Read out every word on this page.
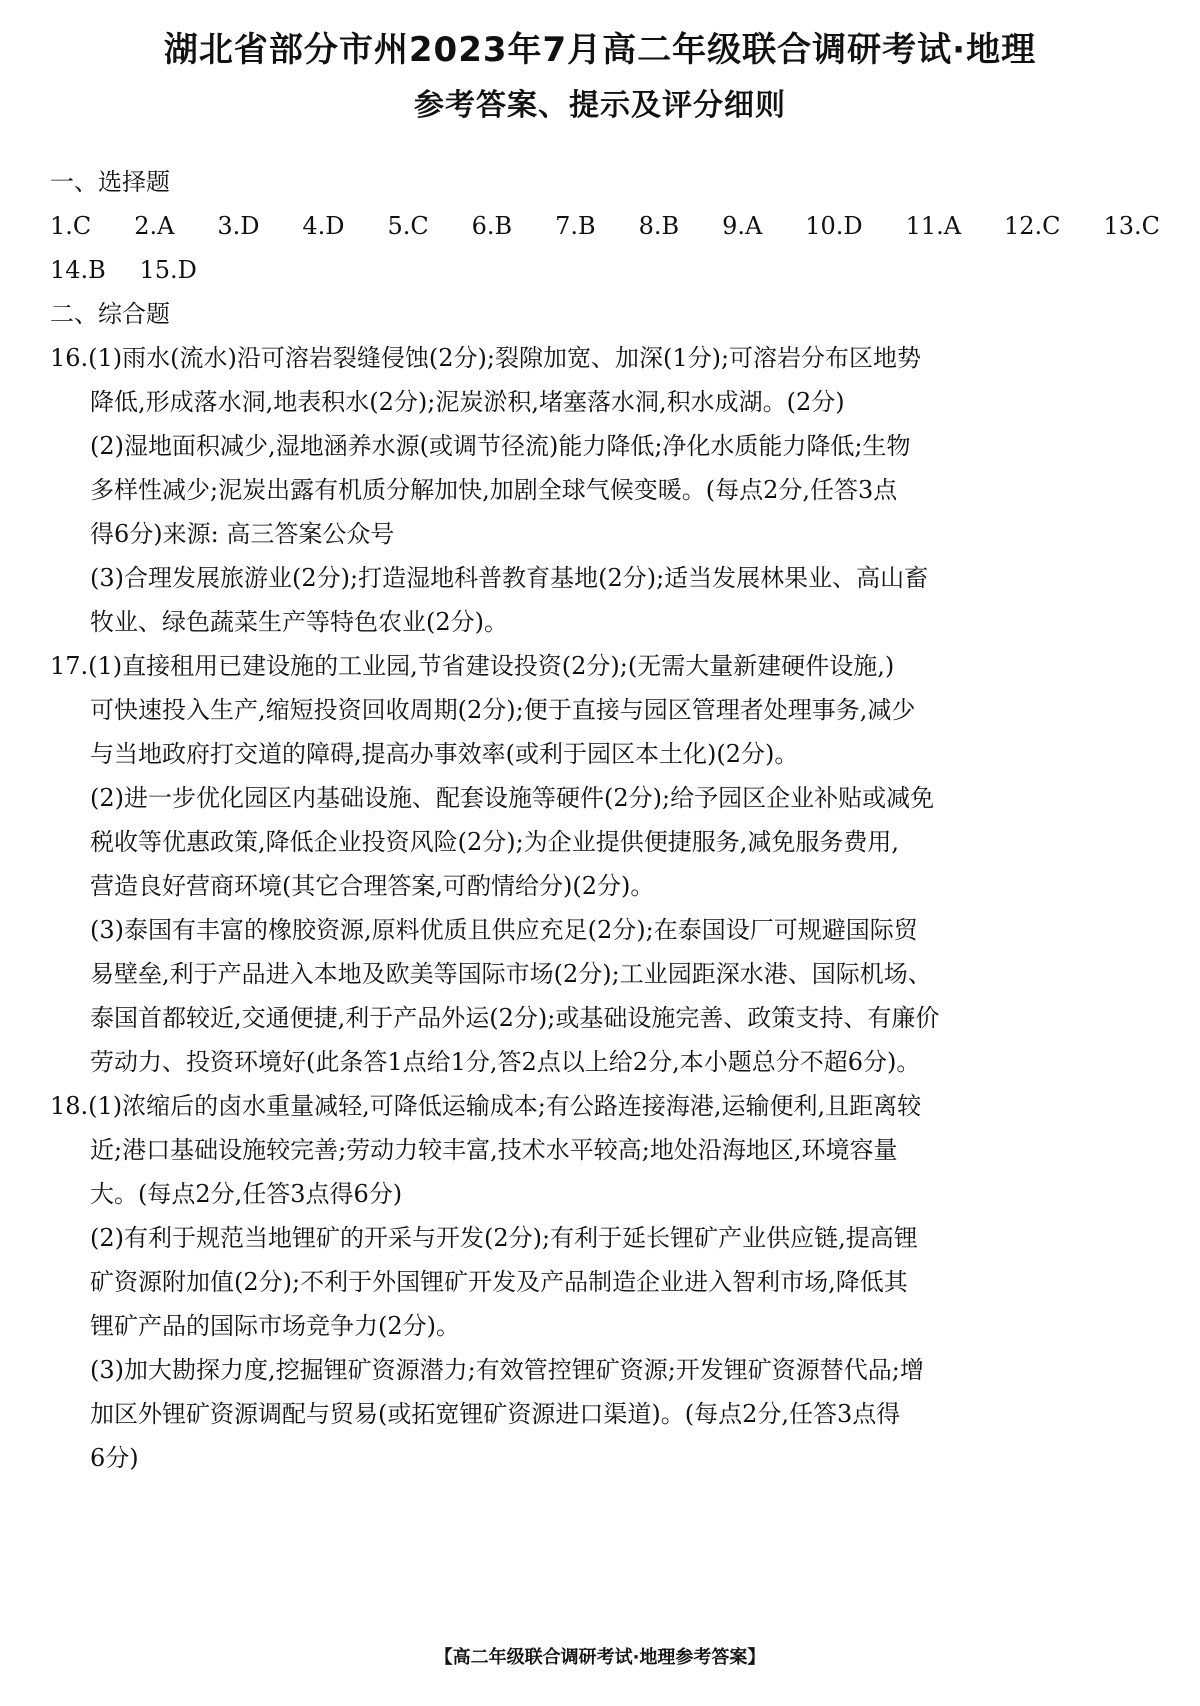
湖北省部分市州2023年7月高二年级联合调研考试·地理
参考答案、提示及评分细则
一、选择题
1.C 2.A 3.D 4.D 5.C 6.B 7.B 8.B 9.A 10.D 11.A 12.C 13.C
14.B 15.D
二、综合题
16.(1)雨水(流水)沿可溶岩裂缝侵蚀(2分);裂隙加宽、加深(1分);可溶岩分布区地势
降低,形成落水洞,地表积水(2分);泥炭淤积,堵塞落水洞,积水成湖。(2分)
(2)湿地面积减少,湿地涵养水源(或调节径流)能力降低;净化水质能力降低;生物
多样性减少;泥炭出露有机质分解加快,加剧全球气候变暖。(每点2分,任答3点
得6分)来源: 高三答案公众号
(3)合理发展旅游业(2分);打造湿地科普教育基地(2分);适当发展林果业、高山畜
牧业、绿色蔬菜生产等特色农业(2分)。
17.(1)直接租用已建设施的工业园,节省建设投资(2分);(无需大量新建硬件设施,)
可快速投入生产,缩短投资回收周期(2分);便于直接与园区管理者处理事务,减少
与当地政府打交道的障碍,提高办事效率(或利于园区本土化)(2分)。
(2)进一步优化园区内基础设施、配套设施等硬件(2分);给予园区企业补贴或减免
税收等优惠政策,降低企业投资风险(2分);为企业提供便捷服务,减免服务费用,
营造良好营商环境(其它合理答案,可酌情给分)(2分)。
(3)泰国有丰富的橡胶资源,原料优质且供应充足(2分);在泰国设厂可规避国际贸
易壁垒,利于产品进入本地及欧美等国际市场(2分);工业园距深水港、国际机场、
泰国首都较近,交通便捷,利于产品外运(2分);或基础设施完善、政策支持、有廉价
劳动力、投资环境好(此条答1点给1分,答2点以上给2分,本小题总分不超6分)。
18.(1)浓缩后的卤水重量减轻,可降低运输成本;有公路连接海港,运输便利,且距离较
近;港口基础设施较完善;劳动力较丰富,技术水平较高;地处沿海地区,环境容量
大。(每点2分,任答3点得6分)
(2)有利于规范当地锂矿的开采与开发(2分);有利于延长锂矿产业供应链,提高锂
矿资源附加值(2分);不利于外国锂矿开发及产品制造企业进入智利市场,降低其
锂矿产品的国际市场竞争力(2分)。
(3)加大勘探力度,挖掘锂矿资源潜力;有效管控锂矿资源;开发锂矿资源替代品;增
加区外锂矿资源调配与贸易(或拓宽锂矿资源进口渠道)。(每点2分,任答3点得
6分)
【高二年级联合调研考试·地理参考答案】
